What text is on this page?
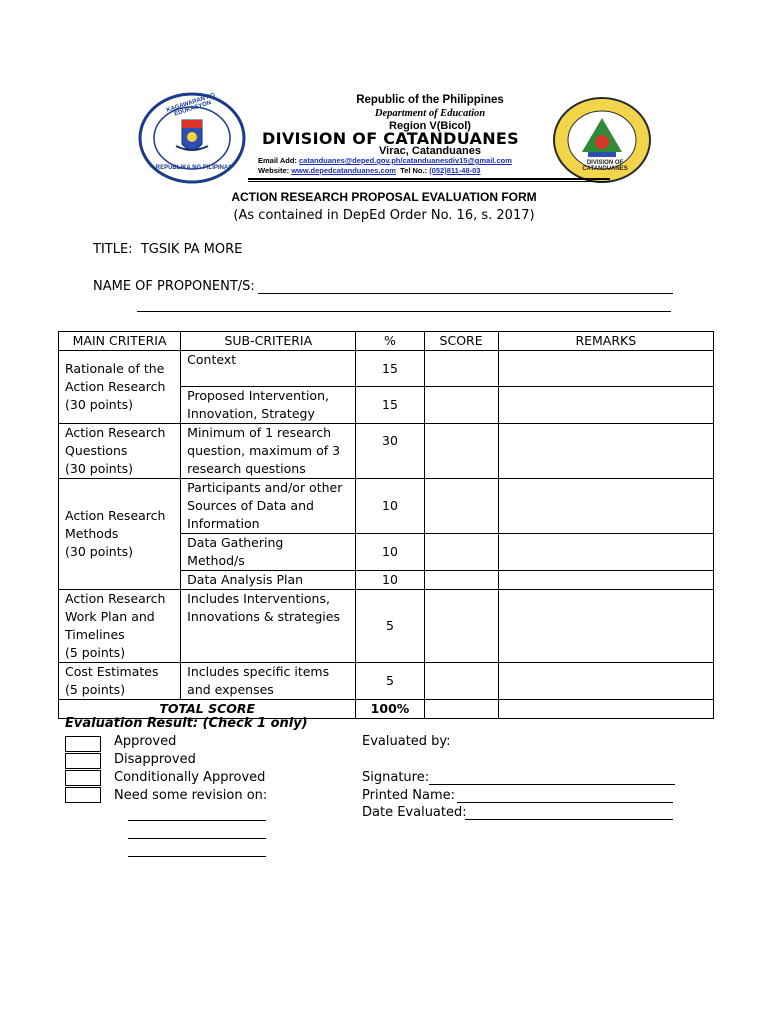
KAGAWARAN NG EDUKASYON
REPUBLIKA NG PILIPINAS
DIVISION OF CATANDUANES
Republic of the Philippines
Department of Education
Region V(Bicol)
DIVISION OF CATANDUANES
Virac, Catanduanes
Email Add: catanduanes@deped.gov.ph/catanduanesdiv15@gmail.com
Website: www.depedcatanduanes.com Tel No.: (052)811-48-03
ACTION RESEARCH PROPOSAL EVALUATION FORM
(As contained in DepEd Order No. 16, s. 2017)
TITLE: TGSIK PA MORE
NAME OF PROPONENT/S:
MAIN CRITERIA	SUB-CRITERIA	%	SCORE	REMARKS
Rationale of the
Action Research
(30 points)	Context	15		
	Proposed Intervention,
Innovation, Strategy	15		
Action Research
Questions
(30 points)	Minimum of 1 research
question, maximum of 3
research questions	30		
Action Research
Methods
(30 points)	Participants and/or other
Sources of Data and
Information	10		
	Data Gathering
Method/s	10		
	Data Analysis Plan	10		
Action Research
Work Plan and
Timelines
(5 points)	Includes Interventions,
Innovations & strategies	5		
Cost Estimates
(5 points)	Includes specific items
and expenses	5		
TOTAL SCORE		100%		
Evaluation Result: (Check 1 only)
Approved
Disapproved
Conditionally Approved
Need some revision on:
Evaluated by:
Signature:
Printed Name:
Date Evaluated:
